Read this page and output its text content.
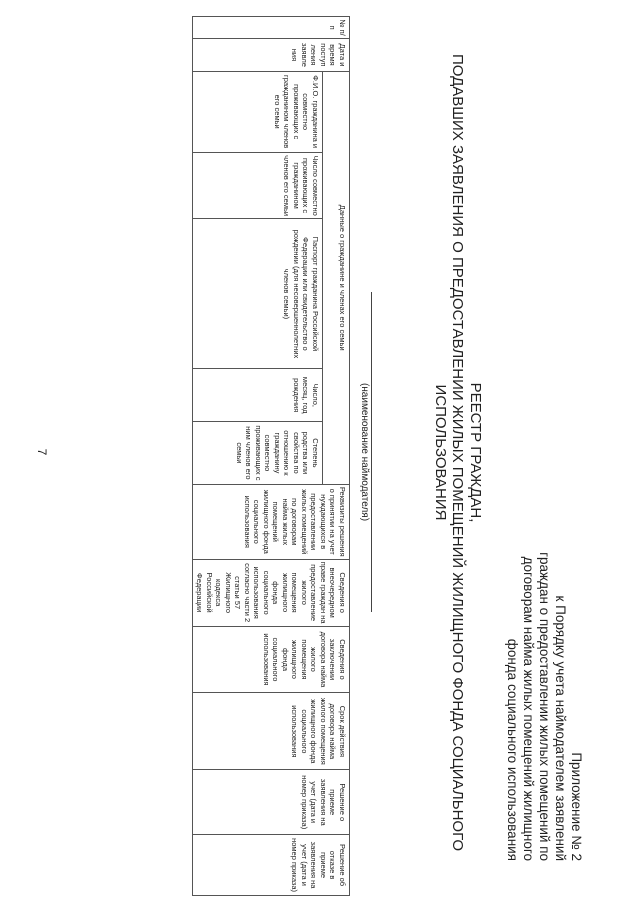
7
Приложение № 2
к Порядку учета наймодателем заявлений
граждан о предоставлении жилых помещений по
договорам найма жилых помещений жилищного
фонда социального использования
РЕЕСТР ГРАЖДАН,
ПОДАВШИХ ЗАЯВЛЕНИЯ О ПРЕДОСТАВЛЕНИИ ЖИЛЫХ ПОМЕЩЕНИЙ ЖИЛИЩНОГО ФОНДА СОЦИАЛЬНОГО
ИСПОЛЬЗОВАНИЯ
(наименование наймодателя)
№ п/п	Дата и время поступ ления заявле ния	Данные о гражданине и членах его семьи					Реквизиты решения о принятии на учет нуждающихся в предоставлении жилых помещений по договорам найма жилых помещений жилищного фонда социального использования	Сведения о внеочередном праве граждан на предоставление жилого помещения жилищного фонда социального использования согласно части 2 статьи 57 Жилищного кодекса Российской Федерации	Сведения о заключении договора найма жилого помещения жилищного фонда социального использования	Срок действия договора найма жилого помещения жилищного фонда социального использования	Решение о приеме заявления на учет (дата и номер приказа)	Решение об отказе в приеме заявления на учет (дата и номер приказа)
		Ф.И.О. гражданина и совместно проживающих с гражданином членов его семьи	Число совместно проживающих с гражданином членов его семьи	Паспорт гражданина Российской Федерации или свидетельство о рождении (для несовершеннолетних членов семьи)	Число, месяц, год рождения	Степень родства или свойства по отношению к гражданину совместно проживающих с ним членов его семьи						
